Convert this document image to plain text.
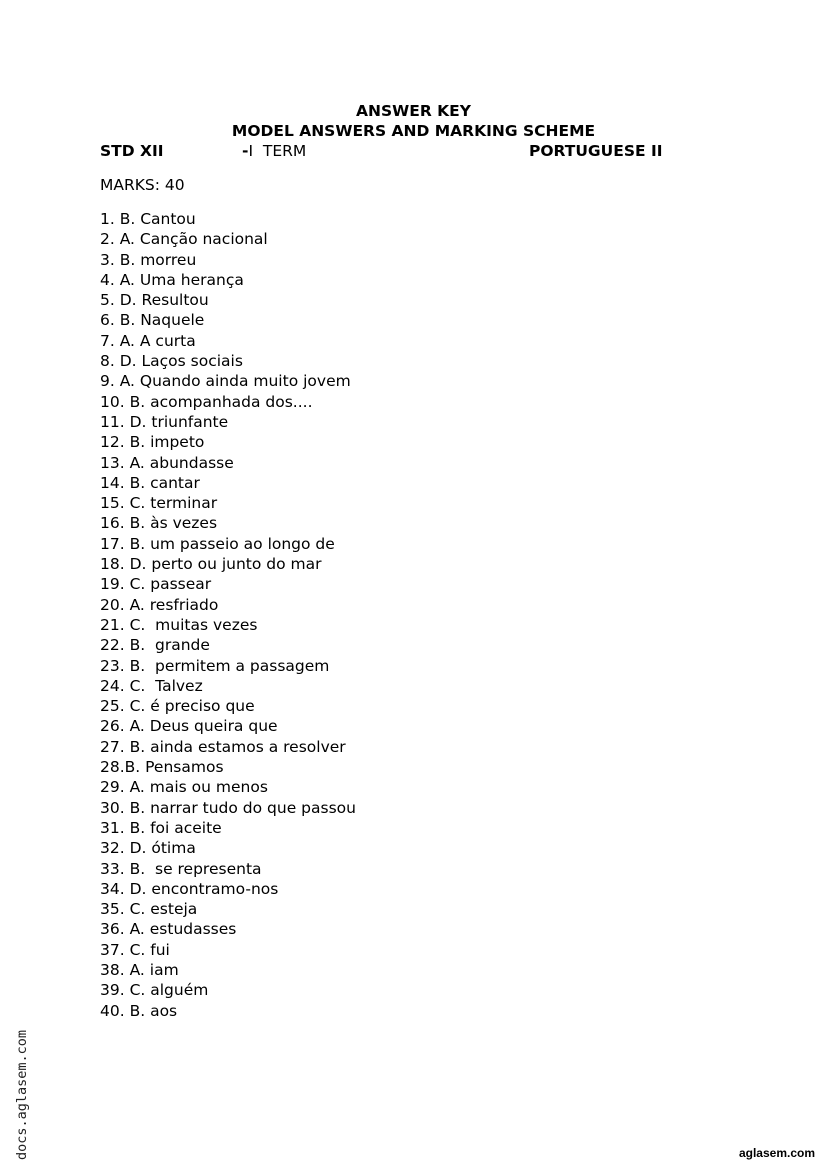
ANSWER KEY
MODEL ANSWERS AND MARKING SCHEME
STD XII	-I  TERM	PORTUGUESE II
MARKS: 40
1. B. Cantou
2. A. Canção nacional
3. B. morreu
4. A. Uma herança
5. D. Resultou
6. B. Naquele
7. A. A curta
8. D. Laços sociais
9. A. Quando ainda muito jovem
10. B. acompanhada dos....
11. D. triunfante
12. B. impeto
13. A. abundasse
14. B. cantar
15. C. terminar
16. B. às vezes
17. B. um passeio ao longo de
18. D. perto ou junto do mar
19. C. passear
20. A. resfriado
21. C.  muitas vezes
22. B.  grande
23. B.  permitem a passagem
24. C.  Talvez
25. C. é preciso que
26. A. Deus queira que
27. B. ainda estamos a resolver
28.B. Pensamos
29. A. mais ou menos
30. B. narrar tudo do que passou
31. B. foi aceite
32. D. ótima
33. B.  se representa
34. D. encontramo-nos
35. C. esteja
36. A. estudasses
37. C. fui
38. A. iam
39. C. alguém
40. B. aos
docs.aglasem.com	aglasem.com
